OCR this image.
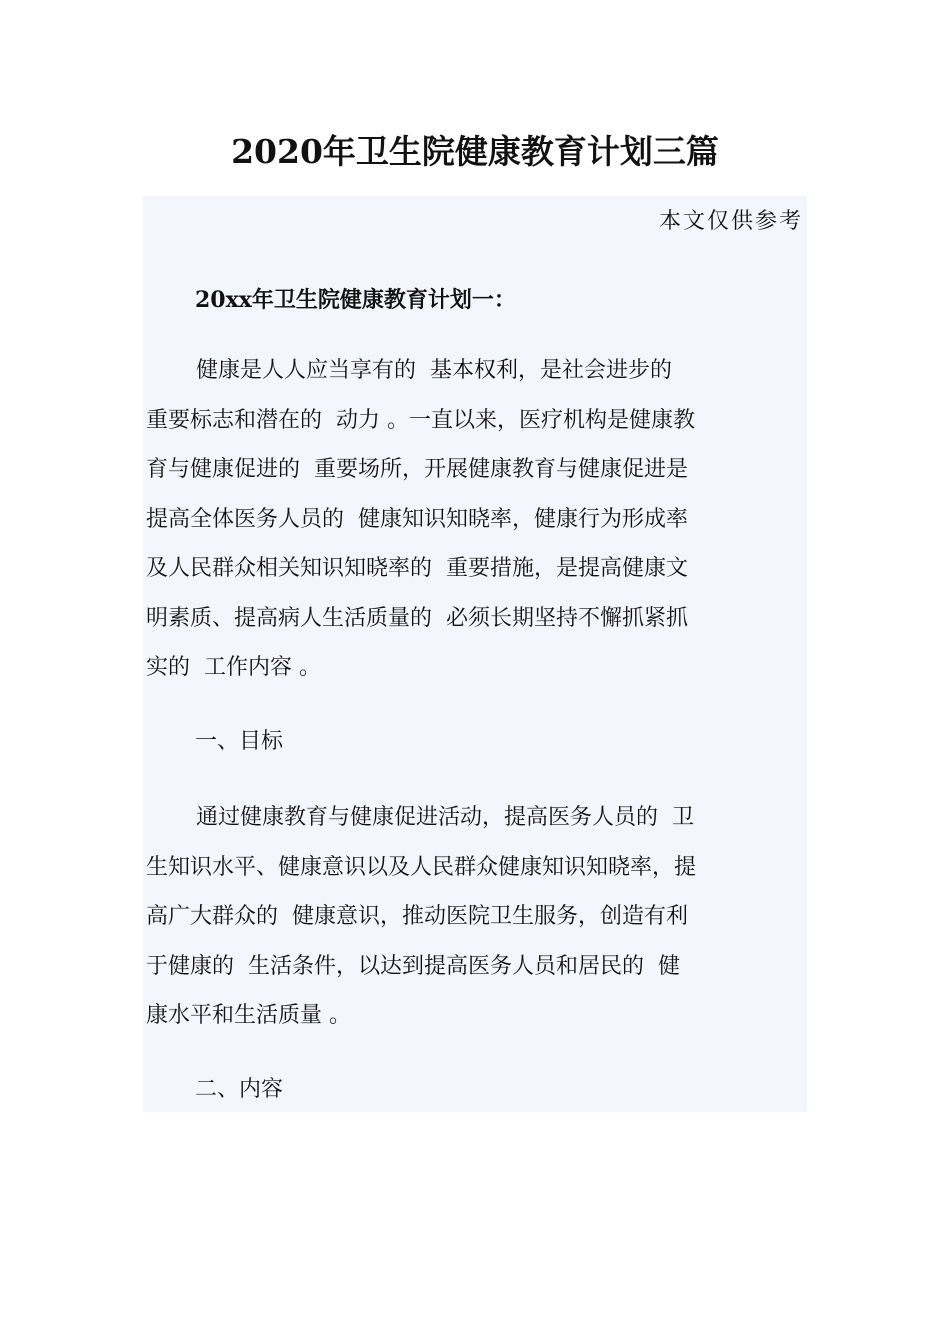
2020年卫生院健康教育计划三篇
本文仅供参考
20xx年卫生院健康教育计划一：
健康是人人应当享有的  基本权利，是社会进步的
重要标志和潜在的  动力 。一直以来，医疗机构是健康教
育与健康促进的  重要场所，开展健康教育与健康促进是
提高全体医务人员的  健康知识知晓率，健康行为形成率
及人民群众相关知识知晓率的  重要措施，是提高健康文
明素质、提高病人生活质量的  必须长期坚持不懈抓紧抓
实的  工作内容 。
一、目标
通过健康教育与健康促进活动，提高医务人员的  卫
生知识水平、健康意识以及人民群众健康知识知晓率，提
高广大群众的  健康意识，推动医院卫生服务，创造有利
于健康的  生活条件，以达到提高医务人员和居民的  健
康水平和生活质量 。
二、内容
